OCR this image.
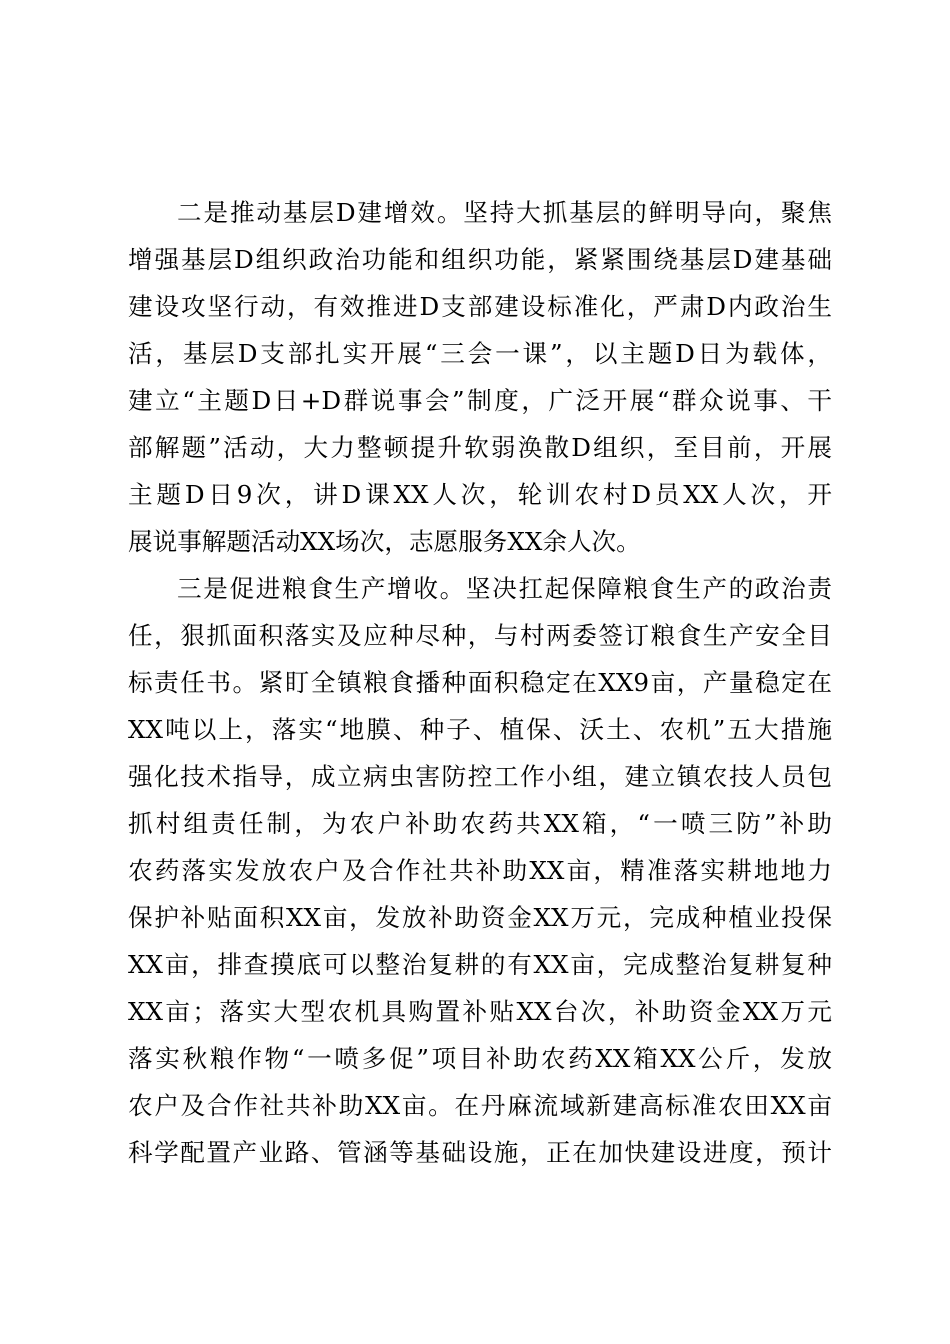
二是推动基层D建增效。坚持大抓基层的鲜明导向，聚焦
增强基层D组织政治功能和组织功能，紧紧围绕基层D建基础
建设攻坚行动，有效推进D支部建设标准化，严肃D内政治生
活，基层D支部扎实开展“三会一课”，以主题D日为载体，
建立“主题D日+D群说事会”制度，广泛开展“群众说事、干
部解题”活动，大力整顿提升软弱涣散D组织，至目前，开展
主题D日9次，讲D课XX人次，轮训农村D员XX人次，开
展说事解题活动XX场次，志愿服务XX余人次。
三是促进粮食生产增收。坚决扛起保障粮食生产的政治责
任，狠抓面积落实及应种尽种，与村两委签订粮食生产安全目
标责任书。紧盯全镇粮食播种面积稳定在XX9亩，产量稳定在
XX吨以上，落实“地膜、种子、植保、沃土、农机”五大措施
强化技术指导，成立病虫害防控工作小组，建立镇农技人员包
抓村组责任制，为农户补助农药共XX箱，“一喷三防”补助
农药落实发放农户及合作社共补助XX亩，精准落实耕地地力
保护补贴面积XX亩，发放补助资金XX万元，完成种植业投保
XX亩，排查摸底可以整治复耕的有XX亩，完成整治复耕复种
XX亩；落实大型农机具购置补贴XX台次，补助资金XX万元
落实秋粮作物“一喷多促”项目补助农药XX箱XX公斤，发放
农户及合作社共补助XX亩。在丹麻流域新建高标准农田XX亩
科学配置产业路、管涵等基础设施，正在加快建设进度，预计
